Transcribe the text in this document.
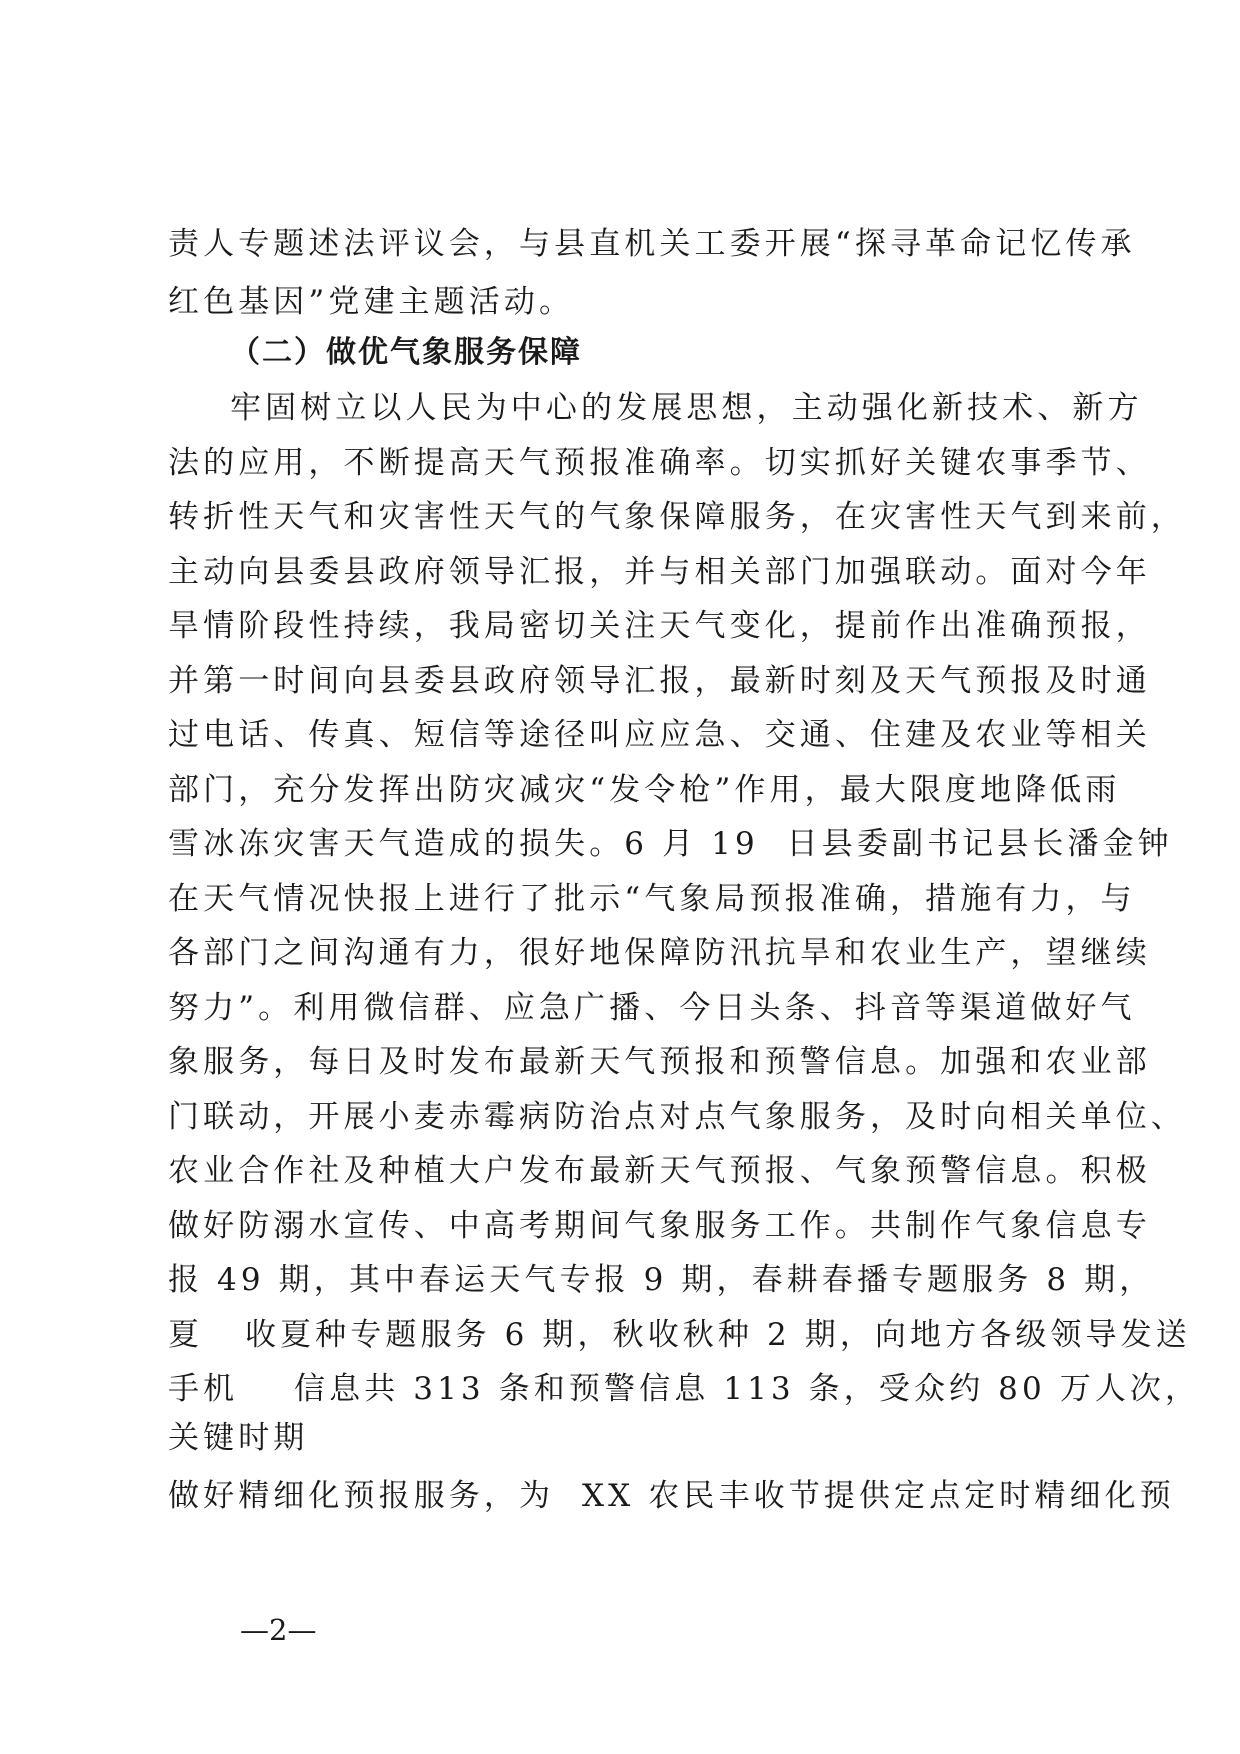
责人专题述法评议会，与县直机关工委开展“探寻革命记忆传承

红色基因”党建主题活动。

（二）做优气象服务保障

牢固树立以人民为中心的发展思想，主动强化新技术、新方

法的应用，不断提高天气预报准确率。切实抓好关键农事季节、

转折性天气和灾害性天气的气象保障服务，在灾害性天气到来前，

主动向县委县政府领导汇报，并与相关部门加强联动。面对今年

旱情阶段性持续，我局密切关注天气变化，提前作出准确预报，

并第一时间向县委县政府领导汇报，最新时刻及天气预报及时通

过电话、传真、短信等途径叫应应急、交通、住建及农业等相关

部门，充分发挥出防灾减灾“发令枪”作用，最大限度地降低雨

雪冰冻灾害天气造成的损失。6 月 19  日县委副书记县长潘金钟

在天气情况快报上进行了批示“气象局预报准确，措施有力，与

各部门之间沟通有力，很好地保障防汛抗旱和农业生产，望继续

努力”。利用微信群、应急广播、今日头条、抖音等渠道做好气

象服务，每日及时发布最新天气预报和预警信息。加强和农业部

门联动，开展小麦赤霉病防治点对点气象服务，及时向相关单位、

农业合作社及种植大户发布最新天气预报、气象预警信息。积极

做好防溺水宣传、中高考期间气象服务工作。共制作气象信息专

报 49 期，其中春运天气专报 9 期，春耕春播专题服务 8 期，

夏   收夏种专题服务 6 期，秋收秋种 2 期，向地方各级领导发送

手机    信息共 313 条和预警信息 113 条，受众约 80 万人次，

关键时期

做好精细化预报服务，为  XX 农民丰收节提供定点定时精细化预

—2—
